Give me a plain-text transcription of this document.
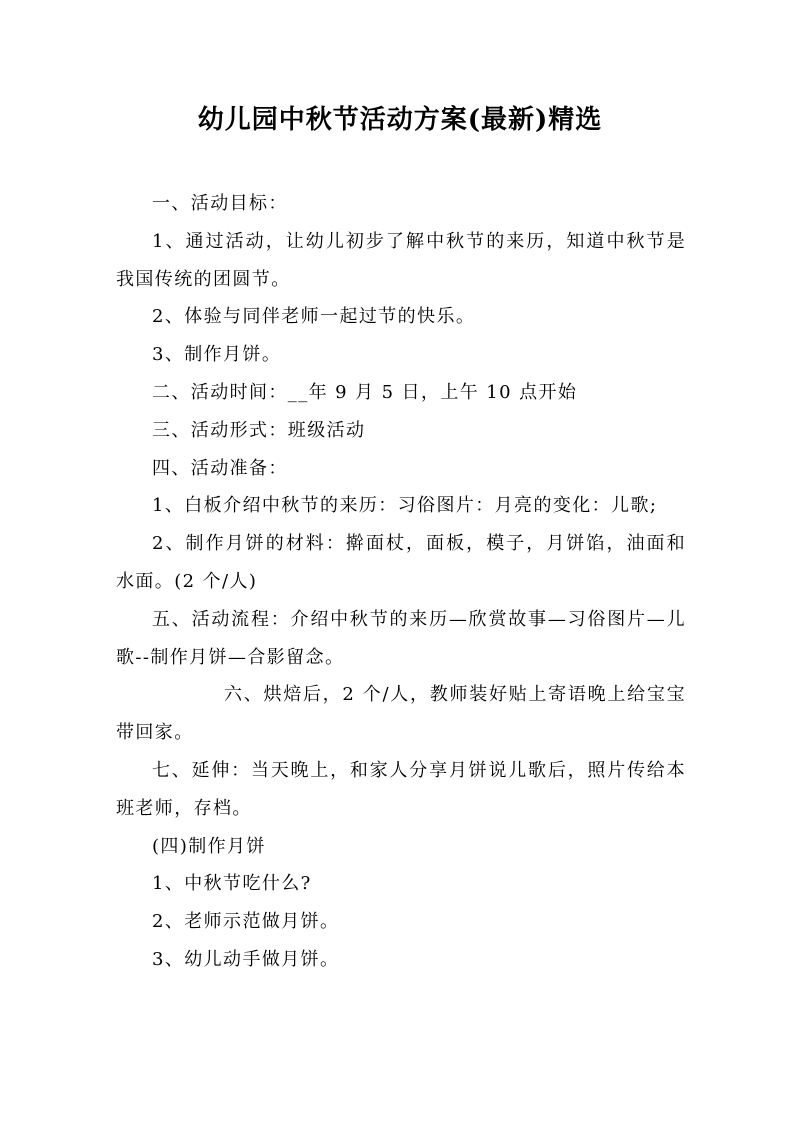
幼儿园中秋节活动方案(最新)精选

一、活动目标：

1、通过活动，让幼儿初步了解中秋节的来历，知道中秋节是我国传统的团圆节。

2、体验与同伴老师一起过节的快乐。

3、制作月饼。

二、活动时间：__年 9 月 5 日，上午 10 点开始

三、活动形式：班级活动

四、活动准备：

1、白板介绍中秋节的来历：习俗图片：月亮的变化：儿歌;

2、制作月饼的材料：擀面杖，面板，模子，月饼馅，油面和水面。(2 个/人)

五、活动流程：介绍中秋节的来历—欣赏故事—习俗图片—儿歌--制作月饼—合影留念。

六、烘焙后，2 个/人，教师装好贴上寄语晚上给宝宝带回家。

七、延伸：当天晚上，和家人分享月饼说儿歌后，照片传给本班老师，存档。

(四)制作月饼

1、中秋节吃什么?

2、老师示范做月饼。

3、幼儿动手做月饼。
